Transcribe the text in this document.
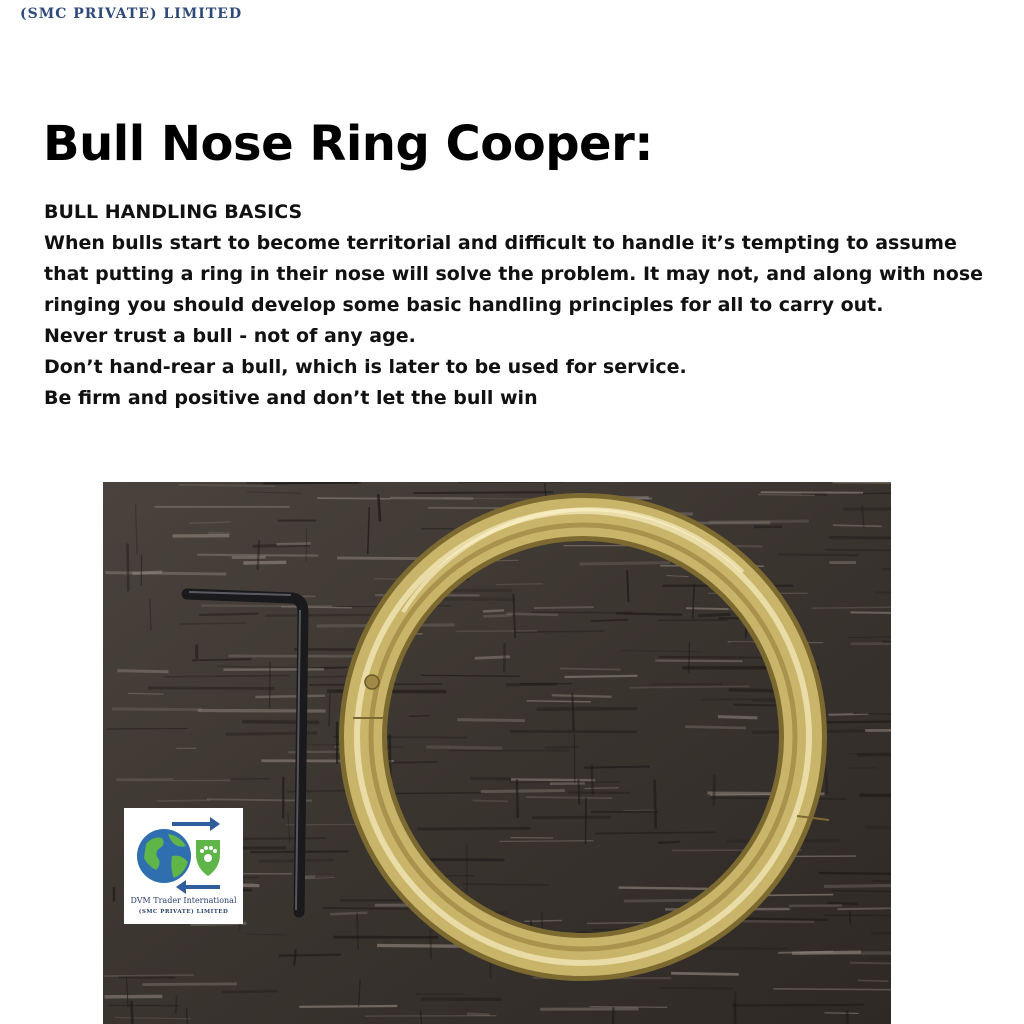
(SMC PRIVATE) LIMITED
Bull Nose Ring Cooper:

BULL HANDLING BASICS

When bulls start to become territorial and difficult to handle it’s tempting to assume that putting a ring in their nose will solve the problem. It may not, and along with nose ringing you should develop some basic handling principles for all to carry out.

Never trust a bull - not of any age.

Don’t hand-rear a bull, which is later to be used for service.

Be firm and positive and don’t let the bull win

DVM Trader International
(SMC PRIVATE) LIMITED
